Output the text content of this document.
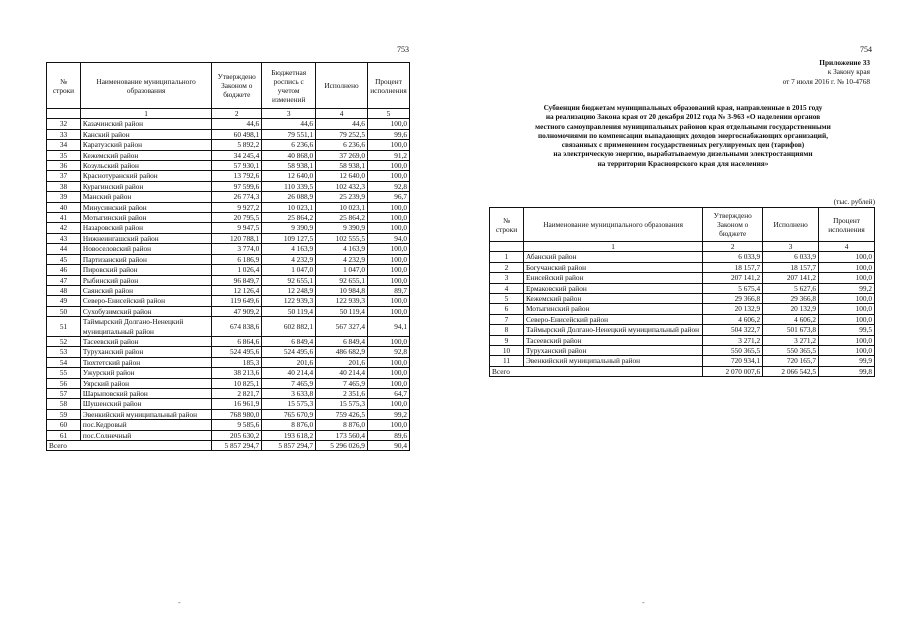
753	754
№ строки	Наименование муниципального образования	Утверждено Законом о бюджете	Бюджетная роспись с учетом изменений	Исполнено	Процент исполнения
	1	2	3	4	5
32	Казачинский район	44,6	44,6	44,6	100,0
33	Канский район	60 498,1	79 551,1	79 252,5	99,6
34	Каратузский район	5 892,2	6 236,6	6 236,6	100,0
35	Кежемский район	34 245,4	40 868,0	37 269,0	91,2
36	Козульский район	57 930,1	58 938,1	58 938,1	100,0
37	Краснотуранский район	13 792,6	12 640,0	12 640,0	100,0
38	Курагинский район	97 599,6	110 339,5	102 432,3	92,8
39	Манский район	26 774,3	26 088,9	25 239,9	96,7
40	Минусинский район	9 927,2	10 023,1	10 023,1	100,0
41	Мотыгинский район	20 795,5	25 864,2	25 864,2	100,0
42	Назаровский район	9 947,5	9 390,9	9 390,9	100,0
43	Нижнеингашский район	120 788,1	109 127,5	102 555,5	94,0
44	Новоселовский район	3 774,0	4 163,9	4 163,9	100,0
45	Партизанский район	6 186,9	4 232,9	4 232,9	100,0
46	Пировский район	1 026,4	1 047,0	1 047,0	100,0
47	Рыбинский район	96 849,7	92 655,1	92 655,1	100,0
48	Саянский район	12 126,4	12 248,9	10 984,8	89,7
49	Северо-Енисейский район	119 649,6	122 939,3	122 939,3	100,0
50	Сухобузимский район	47 909,2	50 119,4	50 119,4	100,0
51	Таймырский Долгано-Ненецкий муниципальный район	674 838,6	602 882,1	567 327,4	94,1
52	Тасеевский район	6 864,6	6 849,4	6 849,4	100,0
53	Туруханский район	524 495,6	524 495,6	486 682,9	92,8
54	Тюхтетский район	185,3	201,6	201,6	100,0
55	Ужурский район	38 213,6	40 214,4	40 214,4	100,0
56	Уярский район	10 825,1	7 465,9	7 465,9	100,0
57	Шарыповский район	2 821,7	3 633,8	2 351,6	64,7
58	Шушенский район	16 961,9	15 575,3	15 575,3	100,0
59	Эвенкийский муниципальный район	768 980,0	765 670,9	759 426,5	99,2
60	пос.Кедровый	9 585,6	8 876,0	8 876,0	100,0
61	пос.Солнечный	205 630,2	193 618,2	173 560,4	89,6
Всего		5 857 294,7	5 857 294,7	5 296 026,9	90,4
Приложение 33
к Закону края
от 7 июля 2016 г. № 10-4768
Субвенции бюджетам муниципальных образований края, направленные в 2015 году
на реализацию Закона края от 20 декабря 2012 года № 3-963 «О наделении органов
местного самоуправления муниципальных районов края отдельными государственными
полномочиями по компенсации выпадающих доходов энергоснабжающих организаций,
связанных с применением государственных регулируемых цен (тарифов)
на электрическую энергию, вырабатываемую дизельными электростанциями
на территории Красноярского края для населения»
(тыс. рублей)
№ строки	Наименование муниципального образования	Утверждено Законом о бюджете	Исполнено	Процент исполнения
	1	2	3	4
1	Абанский район	6 033,9	6 033,9	100,0
2	Богучанский район	18 157,7	18 157,7	100,0
3	Енисейский район	207 141,2	207 141,2	100,0
4	Ермаковский район	5 675,4	5 627,6	99,2
5	Кежемский район	29 366,8	29 366,8	100,0
6	Мотыгинский район	20 132,9	20 132,9	100,0
7	Северо-Енисейский район	4 606,2	4 606,2	100,0
8	Таймырский Долгано-Ненецкий муниципальный район	504 322,7	501 673,8	99,5
9	Тасеевский район	3 271,2	3 271,2	100,0
10	Туруханский район	550 365,5	550 365,5	100,0
11	Эвенкийский муниципальный район	720 934,1	720 165,7	99,9
Всего		2 070 007,6	2 066 542,5	99,8
-	-
